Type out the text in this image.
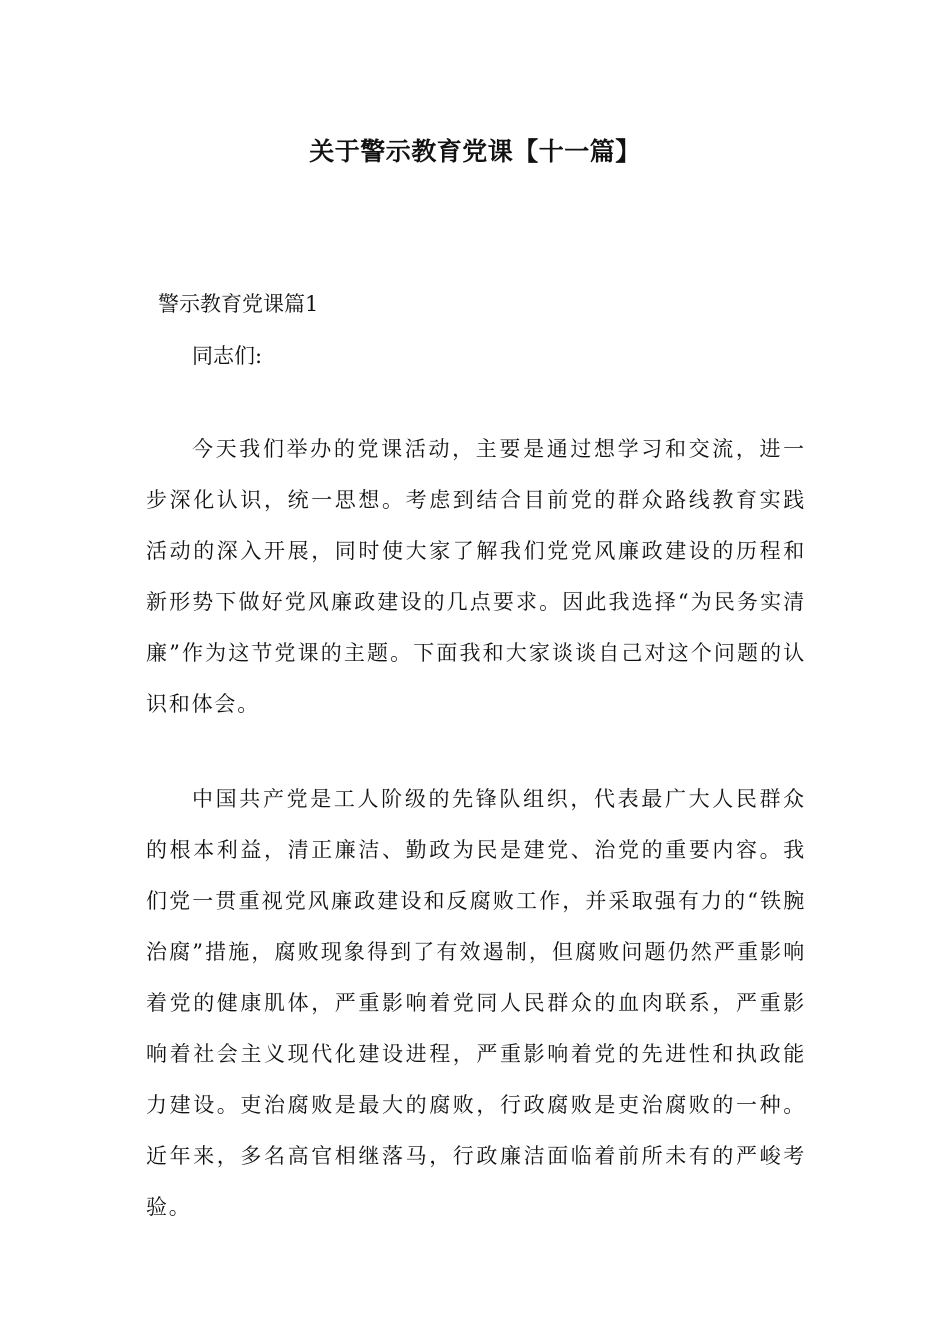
关于警示教育党课【十一篇】

警示教育党课篇1

同志们:

今天我们举办的党课活动，主要是通过想学习和交流，进一步深化认识，统一思想。考虑到结合目前党的群众路线教育实践活动的深入开展，同时使大家了解我们党党风廉政建设的历程和新形势下做好党风廉政建设的几点要求。因此我选择“为民务实清廉”作为这节党课的主题。下面我和大家谈谈自己对这个问题的认识和体会。

中国共产党是工人阶级的先锋队组织，代表最广大人民群众的根本利益，清正廉洁、勤政为民是建党、治党的重要内容。我们党一贯重视党风廉政建设和反腐败工作，并采取强有力的“铁腕治腐”措施，腐败现象得到了有效遏制，但腐败问题仍然严重影响着党的健康肌体，严重影响着党同人民群众的血肉联系，严重影响着社会主义现代化建设进程，严重影响着党的先进性和执政能力建设。吏治腐败是最大的腐败，行政腐败是吏治腐败的一种。近年来，多名高官相继落马，行政廉洁面临着前所未有的严峻考验。
